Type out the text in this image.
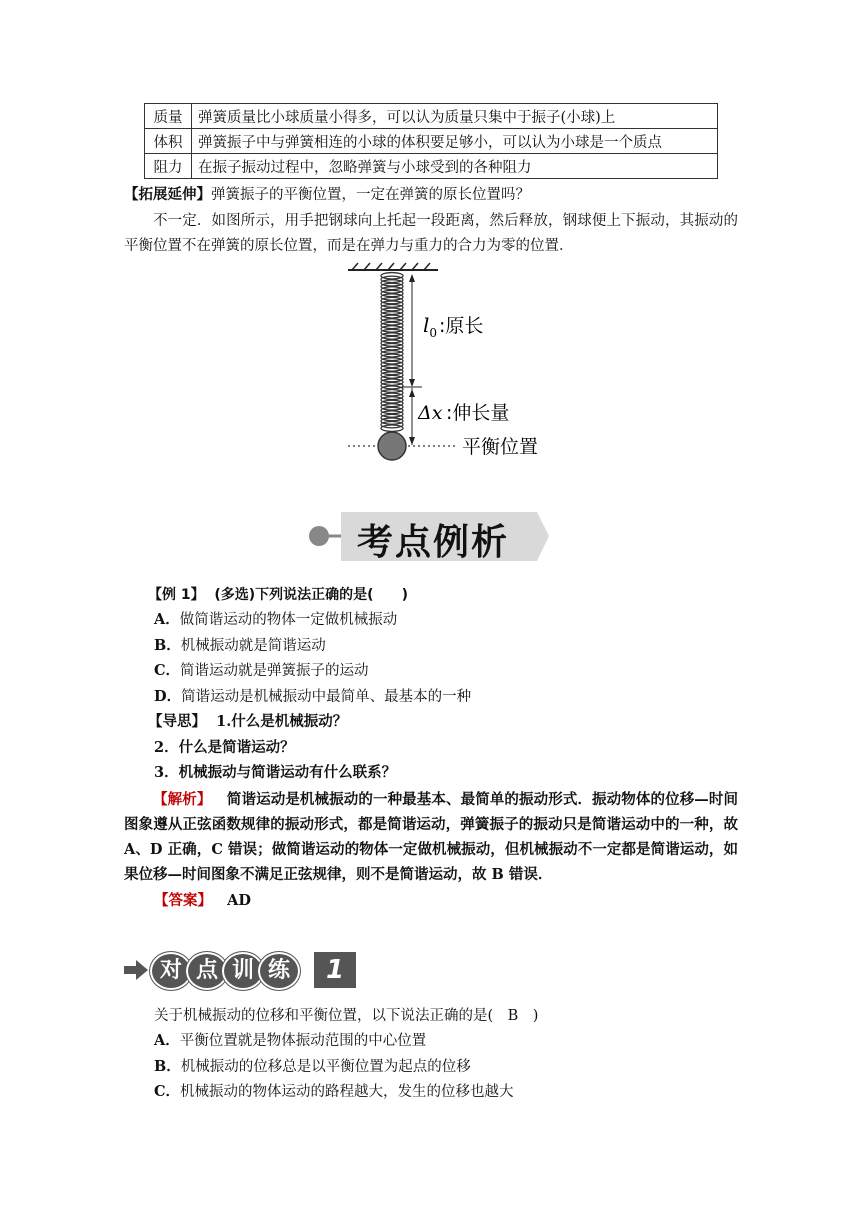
质量	弹簧质量比小球质量小得多，可以认为质量只集中于振子(小球)上
体积	弹簧振子中与弹簧相连的小球的体积要足够小，可以认为小球是一个质点
阻力	在振子振动过程中，忽略弹簧与小球受到的各种阻力
【拓展延伸】弹簧振子的平衡位置，一定在弹簧的原长位置吗？
不一定．如图所示，用手把钢球向上托起一段距离，然后释放，钢球便上下振动，其振动的平衡位置不在弹簧的原长位置，而是在弹力与重力的合力为零的位置．
$l_0$ :原长
Δx :伸长量
平衡位置
考点例析
【例 1】 (多选)下列说法正确的是(　　)
A．做简谐运动的物体一定做机械振动
B．机械振动就是简谐运动
C．简谐运动就是弹簧振子的运动
D．简谐运动是机械振动中最简单、最基本的一种
【导思】 1.什么是机械振动？
2．什么是简谐运动？
3．机械振动与简谐运动有什么联系？
【解析】 简谐运动是机械振动的一种最基本、最简单的振动形式．振动物体的位移—时间图象遵从正弦函数规律的振动形式，都是简谐运动，弹簧振子的振动只是简谐运动中的一种，故 A、D 正确，C 错误；做简谐运动的物体一定做机械振动，但机械振动不一定都是简谐运动，如果位移—时间图象不满足正弦规律，则不是简谐运动，故 B 错误．
【答案】 AD
对 点 训 练	1
关于机械振动的位移和平衡位置，以下说法正确的是(　B　)
A．平衡位置就是物体振动范围的中心位置
B．机械振动的位移总是以平衡位置为起点的位移
C．机械振动的物体运动的路程越大，发生的位移也越大
